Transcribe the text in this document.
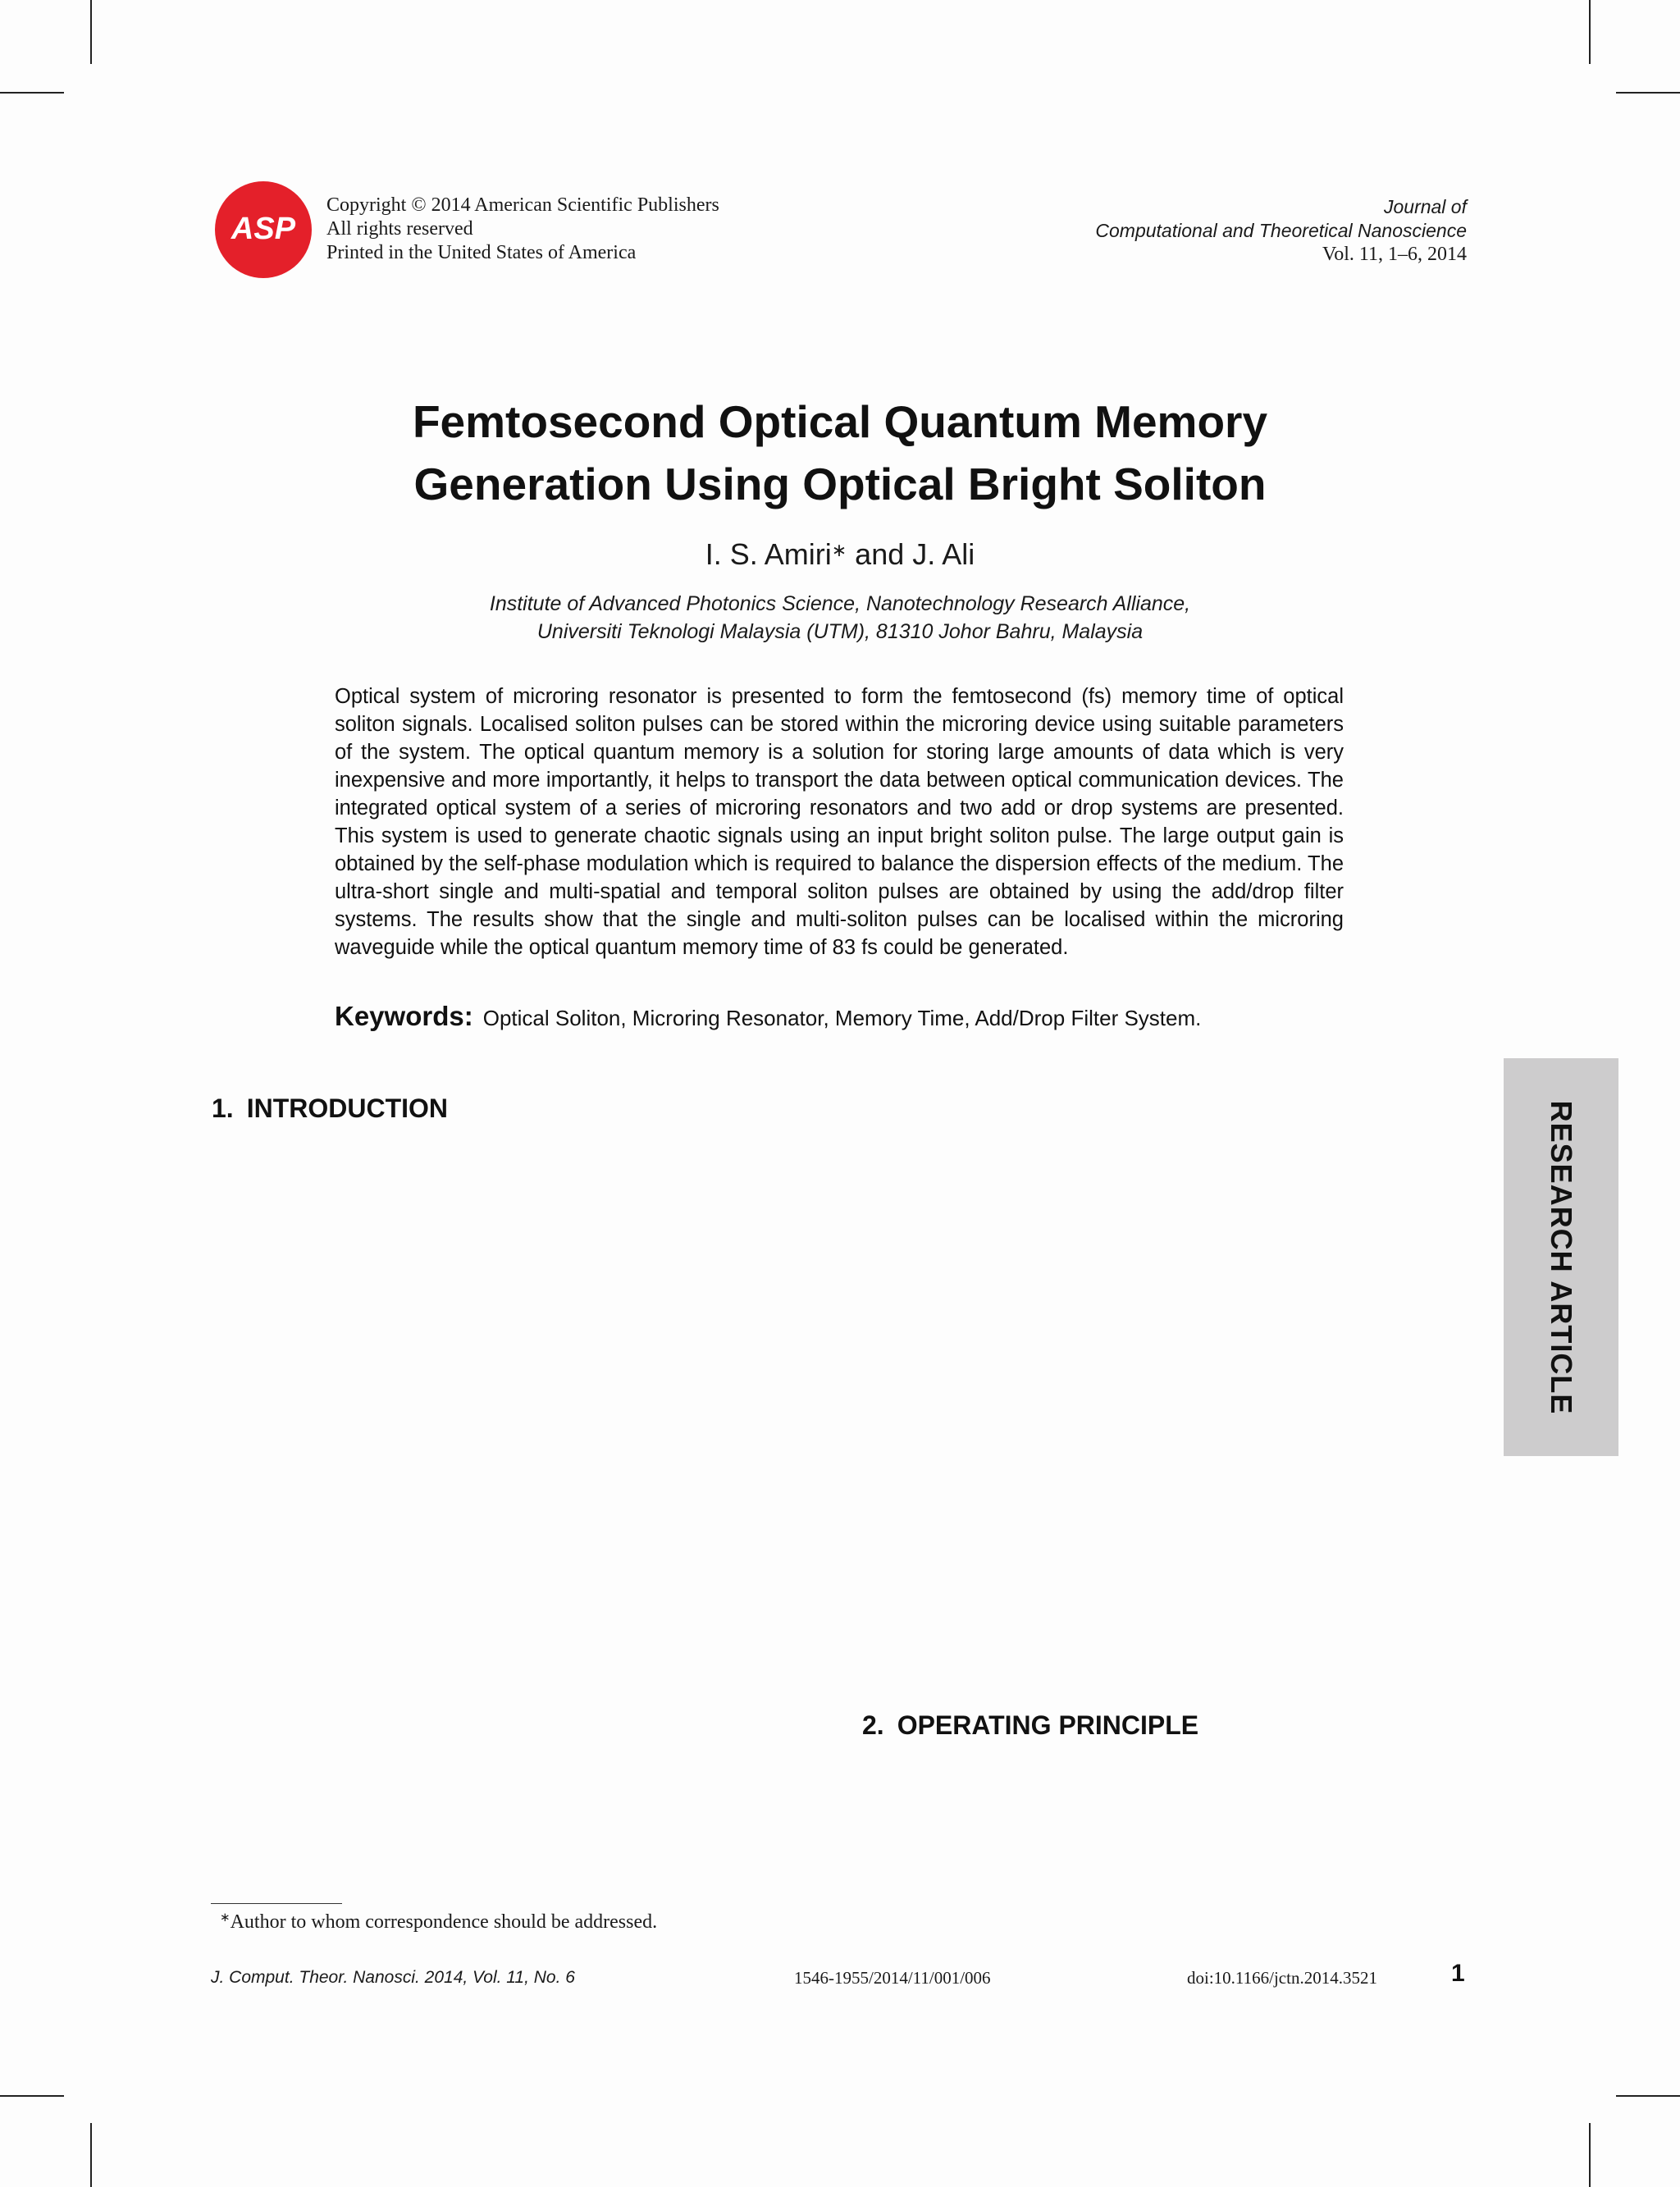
ASP
Copyright © 2014 American Scientific Publishers
All rights reserved
Printed in the United States of America
Journal of
Computational and Theoretical Nanoscience
Vol. 11, 1–6, 2014
Femtosecond Optical Quantum Memory
Generation Using Optical Bright Soliton
I. S. Amiri∗ and J. Ali
Institute of Advanced Photonics Science, Nanotechnology Research Alliance,
Universiti Teknologi Malaysia (UTM), 81310 Johor Bahru, Malaysia

Optical system of microring resonator is presented to form the femtosecond (fs) memory time of optical soliton signals. Localised soliton pulses can be stored within the microring device using suitable parameters of the system. The optical quantum memory is a solution for storing large amounts of data which is very inexpensive and more importantly, it helps to transport the data between optical communication devices. The integrated optical system of a series of microring resonators and two add or drop systems are presented. This system is used to generate chaotic signals using an input bright soliton pulse. The large output gain is obtained by the self-phase modulation which is required to balance the dispersion effects of the medium. The ultra-short single and multi-spatial and temporal soliton pulses are obtained by using the add/drop filter systems. The results show that the single and multi-soliton pulses can be localised within the microring waveguide while the optical quantum memory time of 83 fs could be generated.

Keywords: Optical Soliton, Microring Resonator, Memory Time, Add/Drop Filter System.
1. INTRODUCTION
2. OPERATING PRINCIPLE
RESEARCH ARTICLE
∗Author to whom correspondence should be addressed.
J. Comput. Theor. Nanosci. 2014, Vol. 11, No. 6	1546-1955/2014/11/001/006	doi:10.1166/jctn.2014.3521	1
